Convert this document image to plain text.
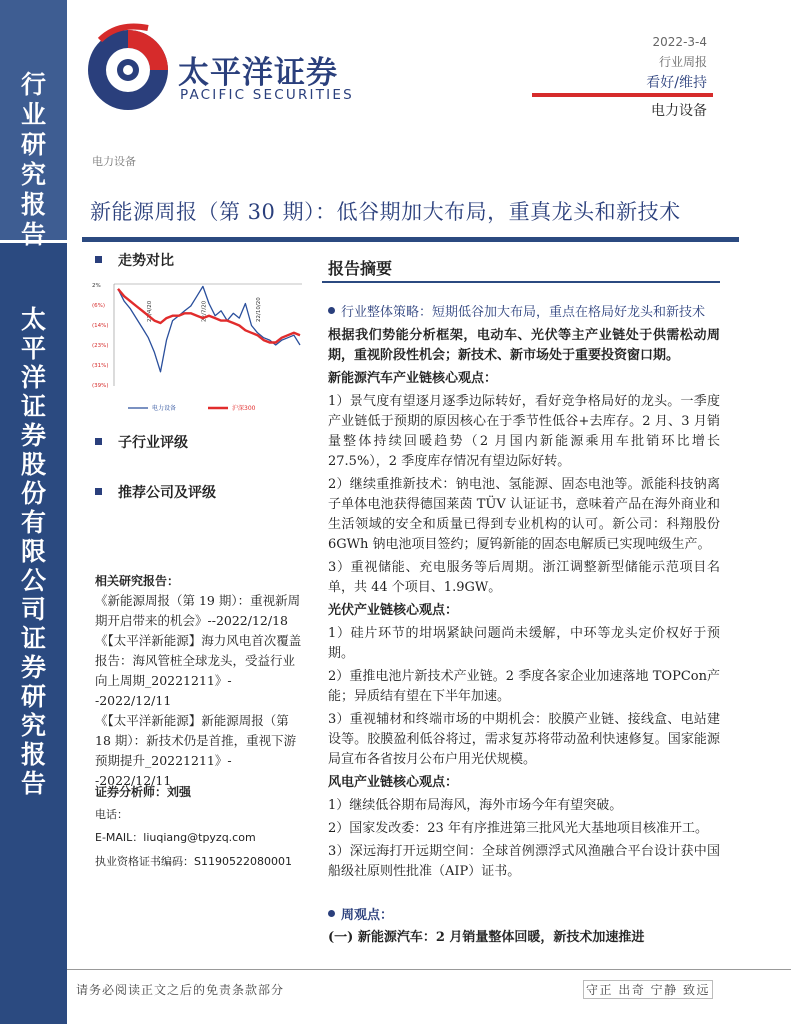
行业研究报告
太平洋证券股份有限公司证券研究报告
太平洋证券
PACIFIC SECURITIES
2022-3-4
行业周报
看好/维持
电力设备
电力设备
新能源周报（第 30 期）：低谷期加大布局，重真龙头和新技术
走势对比
2%
(6%)
(14%)
(23%)
(31%)
(39%)
22/4/20	22/7/20	22/10/20
电力设备	沪深300
子行业评级
推荐公司及评级
相关研究报告：

《新能源周报（第 19 期）：重视新周期开启带来的机会》--2022/12/18

《【太平洋新能源】海力风电首次覆盖报告：海风管桩全球龙头，受益行业向上周期_20221211》--2022/12/11

《【太平洋新能源】新能源周报（第 18 期）：新技术仍是首推，重视下游预期提升_20221211》--2022/12/11

证券分析师：刘强
电话：
E-MAIL：liuqiang@tpyzq.com
执业资格证书编码：S1190522080001
报告摘要

行业整体策略：短期低谷加大布局，重点在格局好龙头和新技术

根据我们势能分析框架，电动车、光伏等主产业链处于供需松动周期，重视阶段性机会；新技术、新市场处于重要投资窗口期。

新能源汽车产业链核心观点：

1）景气度有望逐月逐季边际转好，看好竞争格局好的龙头。一季度产业链低于预期的原因核心在于季节性低谷+去库存。2 月、3 月销量整体持续回暖趋势（2 月国内新能源乘用车批销环比增长27.5%），2 季度库存情况有望边际好转。

2）继续重推新技术：钠电池、氢能源、固态电池等。派能科技钠离子单体电池获得德国莱茵 TÜV 认证证书，意味着产品在海外商业和生活领域的安全和质量已得到专业机构的认可。新公司：科翔股份 6GWh 钠电池项目签约；厦钨新能的固态电解质已实现吨级生产。

3）重视储能、充电服务等后周期。浙江调整新型储能示范项目名单，共 44 个项目、1.9GW。

光伏产业链核心观点：

1）硅片环节的坩埚紧缺问题尚未缓解，中环等龙头定价权好于预期。

2）重推电池片新技术产业链。2 季度各家企业加速落地 TOPCon产能；异质结有望在下半年加速。

3）重视辅材和终端市场的中期机会：胶膜产业链、接线盒、电站建设等。胶膜盈利低谷将过，需求复苏将带动盈利快速修复。国家能源局宣布各省按月公布户用光伏规模。

风电产业链核心观点：

1）继续低谷期布局海风，海外市场今年有望突破。

2）国家发改委：23 年有序推进第三批风光大基地项目核准开工。

3）深远海打开远期空间：全球首例漂浮式风渔融合平台设计获中国船级社原则性批准（AIP）证书。

周观点：
(一) 新能源汽车：2 月销量整体回暖，新技术加速推进
请务必阅读正文之后的免责条款部分	守正 出奇 宁静 致远
